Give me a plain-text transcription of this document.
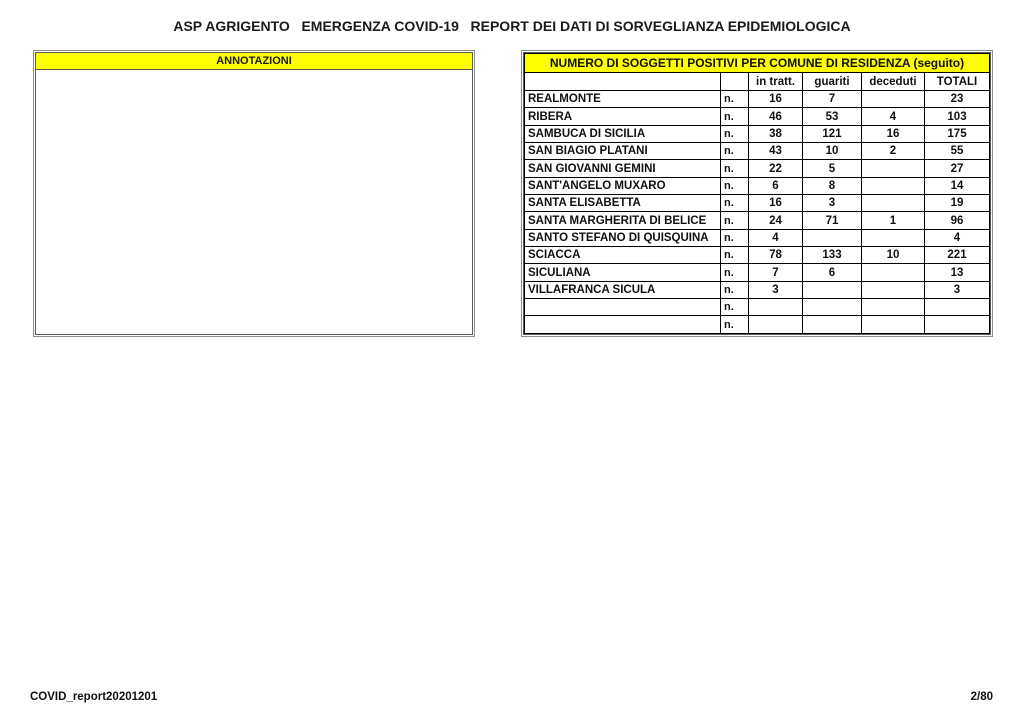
ASP AGRIGENTO   EMERGENZA COVID-19   REPORT DEI DATI DI SORVEGLIANZA EPIDEMIOLOGICA
ANNOTAZIONI	NUMERO DI SOGGETTI POSITIVI PER COMUNE DI RESIDENZA (seguito)					
		in tratt.	guariti	deceduti	TOTALI
REALMONTE	n.	16	7		23
RIBERA	n.	46	53	4	103
SAMBUCA DI SICILIA	n.	38	121	16	175
SAN BIAGIO PLATANI	n.	43	10	2	55
SAN GIOVANNI GEMINI	n.	22	5		27
SANT'ANGELO MUXARO	n.	6	8		14
SANTA ELISABETTA	n.	16	3		19
SANTA MARGHERITA DI BELICE	n.	24	71	1	96
SANTO STEFANO DI QUISQUINA	n.	4			4
SCIACCA	n.	78	133	10	221
SICULIANA	n.	7	6		13
VILLAFRANCA SICULA	n.	3			3
	n.				
	n.				
COVID_report20201201	2/80
